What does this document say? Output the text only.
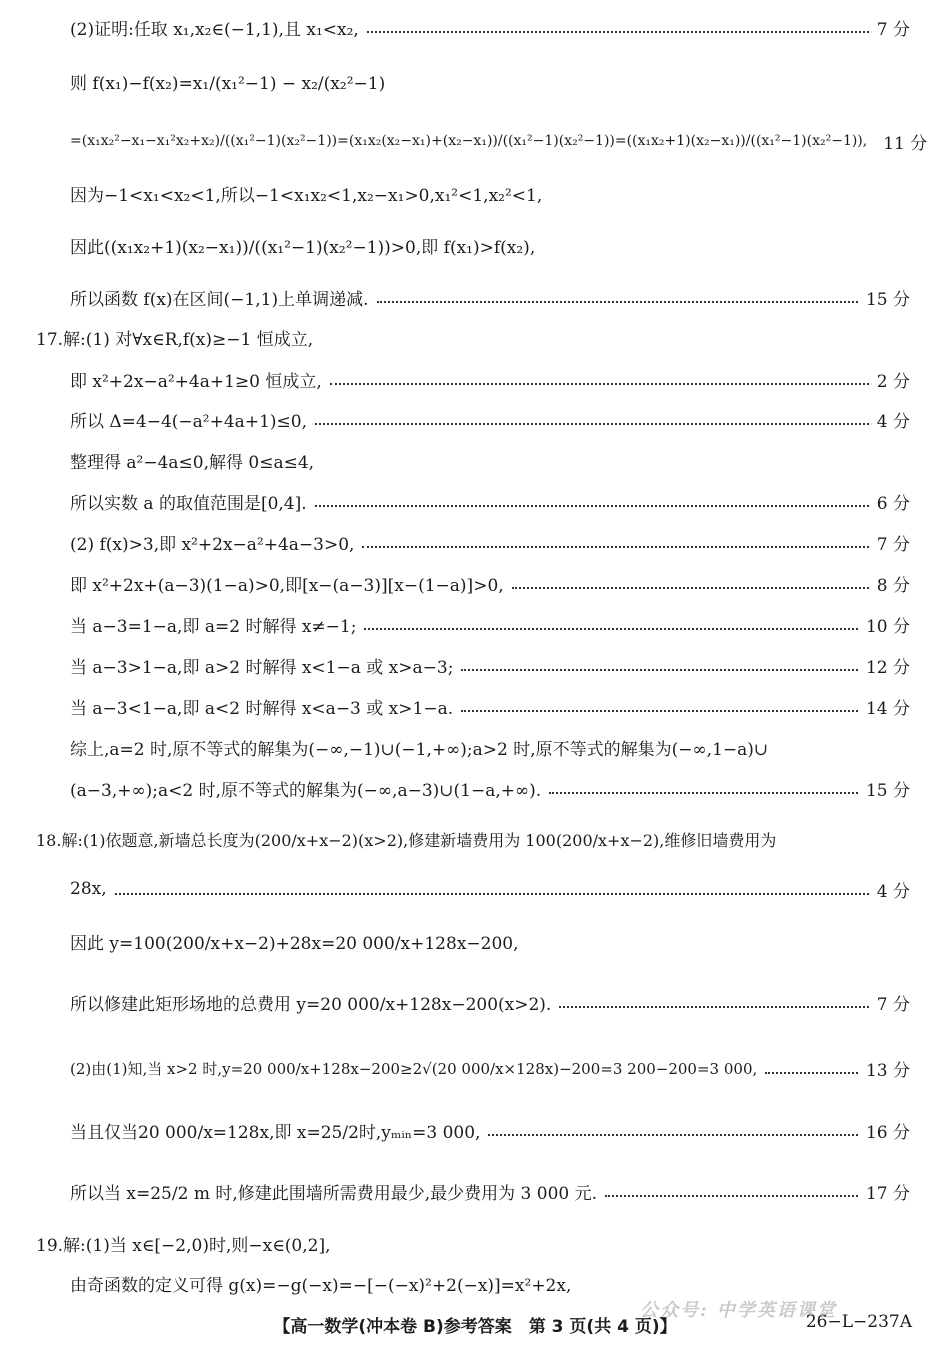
(2)证明:任取 x₁,x₂∈(−1,1),且 x₁<x₂,	7 分
则 f(x₁)−f(x₂)=x₁/(x₁²−1) − x₂/(x₂²−1)
=(x₁x₂²−x₁−x₁²x₂+x₂)/((x₁²−1)(x₂²−1))=(x₁x₂(x₂−x₁)+(x₂−x₁))/((x₁²−1)(x₂²−1))=((x₁x₂+1)(x₂−x₁))/((x₁²−1)(x₂²−1)), 11 分
因为−1<x₁<x₂<1,所以−1<x₁x₂<1,x₂−x₁>0,x₁²<1,x₂²<1,
因此((x₁x₂+1)(x₂−x₁))/((x₁²−1)(x₂²−1))>0,即 f(x₁)>f(x₂),
所以函数 f(x)在区间(−1,1)上单调递减.	15 分
17.解:(1) 对∀x∈R,f(x)≥−1 恒成立,
即 x²+2x−a²+4a+1≥0 恒成立,	2 分
所以 Δ=4−4(−a²+4a+1)≤0,	4 分
整理得 a²−4a≤0,解得 0≤a≤4,
所以实数 a 的取值范围是[0,4].	6 分
(2) f(x)>3,即 x²+2x−a²+4a−3>0,	7 分
即 x²+2x+(a−3)(1−a)>0,即[x−(a−3)][x−(1−a)]>0,	8 分
当 a−3=1−a,即 a=2 时解得 x≠−1;	10 分
当 a−3>1−a,即 a>2 时解得 x<1−a 或 x>a−3;	12 分
当 a−3<1−a,即 a<2 时解得 x<a−3 或 x>1−a.	14 分
综上,a=2 时,原不等式的解集为(−∞,−1)∪(−1,+∞);a>2 时,原不等式的解集为(−∞,1−a)∪
(a−3,+∞);a<2 时,原不等式的解集为(−∞,a−3)∪(1−a,+∞).	15 分
18.解:(1)依题意,新墙总长度为(200/x+x−2)(x>2),修建新墙费用为 100(200/x+x−2),维修旧墙费用为
28x,	4 分
因此 y=100(200/x+x−2)+28x=20 000/x+128x−200,
所以修建此矩形场地的总费用 y=20 000/x+128x−200(x>2).	7 分
(2)由(1)知,当 x>2 时,y=20 000/x+128x−200≥2√(20 000/x×128x)−200=3 200−200=3 000,	13 分
当且仅当20 000/x=128x,即 x=25/2时,yₘᵢₙ=3 000,	16 分
所以当 x=25/2 m 时,修建此围墙所需费用最少,最少费用为 3 000 元.	17 分
19.解:(1)当 x∈[−2,0)时,则−x∈(0,2],
由奇函数的定义可得 g(x)=−g(−x)=−[−(−x)²+2(−x)]=x²+2x,
公众号: 中学英语课堂
【高一数学(冲本卷 B)参考答案　第 3 页(共 4 页)】	26−L−237A
